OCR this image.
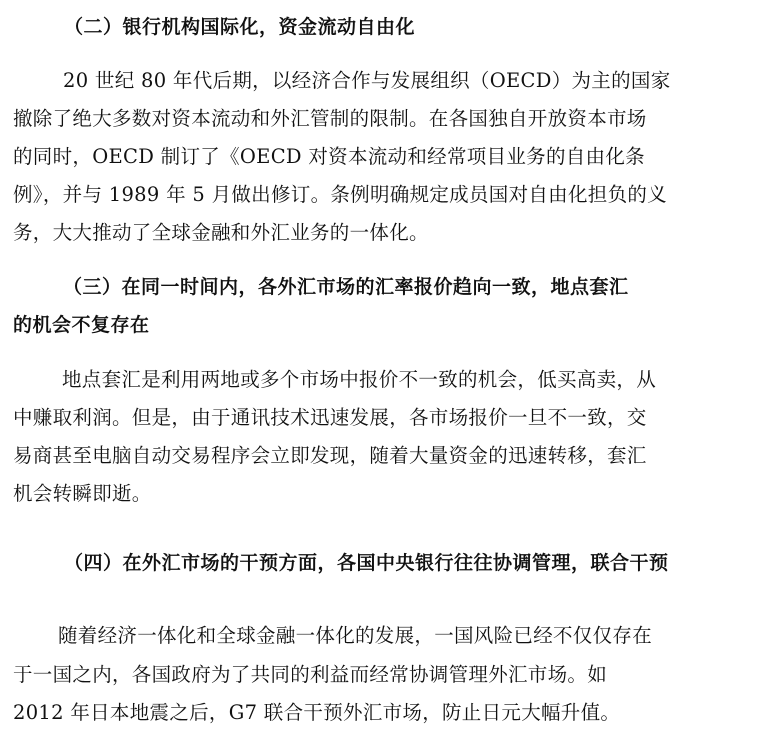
（二）银行机构国际化，资金流动自由化

20 世纪 80 年代后期，以经济合作与发展组织（OECD）为主的国家

撤除了绝大多数对资本流动和外汇管制的限制。在各国独自开放资本市场

的同时，OECD 制订了《OECD 对资本流动和经常项目业务的自由化条

例》，并与 1989 年 5 月做出修订。条例明确规定成员国对自由化担负的义

务，大大推动了全球金融和外汇业务的一体化。

（三）在同一时间内，各外汇市场的汇率报价趋向一致，地点套汇
的机会不复存在

地点套汇是利用两地或多个市场中报价不一致的机会，低买高卖，从

中赚取利润。但是，由于通讯技术迅速发展，各市场报价一旦不一致，交

易商甚至电脑自动交易程序会立即发现，随着大量资金的迅速转移，套汇

机会转瞬即逝。

（四）在外汇市场的干预方面，各国中央银行往往协调管理，联合干预

随着经济一体化和全球金融一体化的发展，一国风险已经不仅仅存在

于一国之内，各国政府为了共同的利益而经常协调管理外汇市场。如

2012 年日本地震之后，G7 联合干预外汇市场，防止日元大幅升值。
